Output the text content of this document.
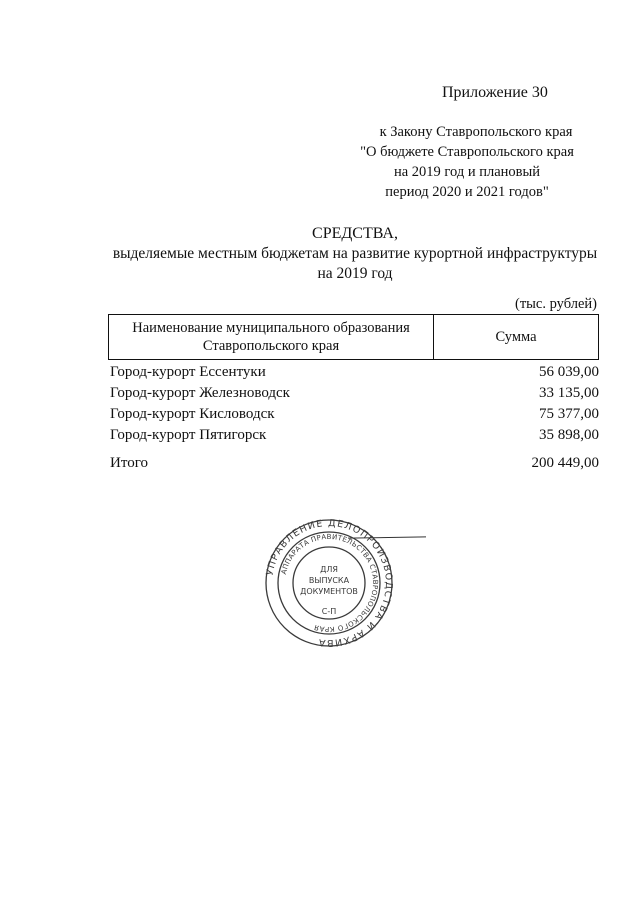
Приложение 30
к Закону Ставропольского края
"О бюджете Ставропольского края
на 2019 год и плановый
период 2020 и 2021 годов"
СРЕДСТВА,
выделяемые местным бюджетам на развитие курортной инфраструктуры
на 2019 год
(тыс. рублей)
Наименование муниципального образования
Ставропольского края
	Сумма
Город-курорт Ессентуки	56 039,00
Город-курорт Железноводск	33 135,00
Город-курорт Кисловодск	75 377,00
Город-курорт Пятигорск	35 898,00
Итого	200 449,00
УПРАВЛЕНИЕ ДЕЛОПРОИЗВОДСТВА И АРХИВА
АППАРАТА ПРАВИТЕЛЬСТВА СТАВРОПОЛЬСКОГО КРАЯ
ДЛЯ
ВЫПУСКА
ДОКУМЕНТОВ
С-П
